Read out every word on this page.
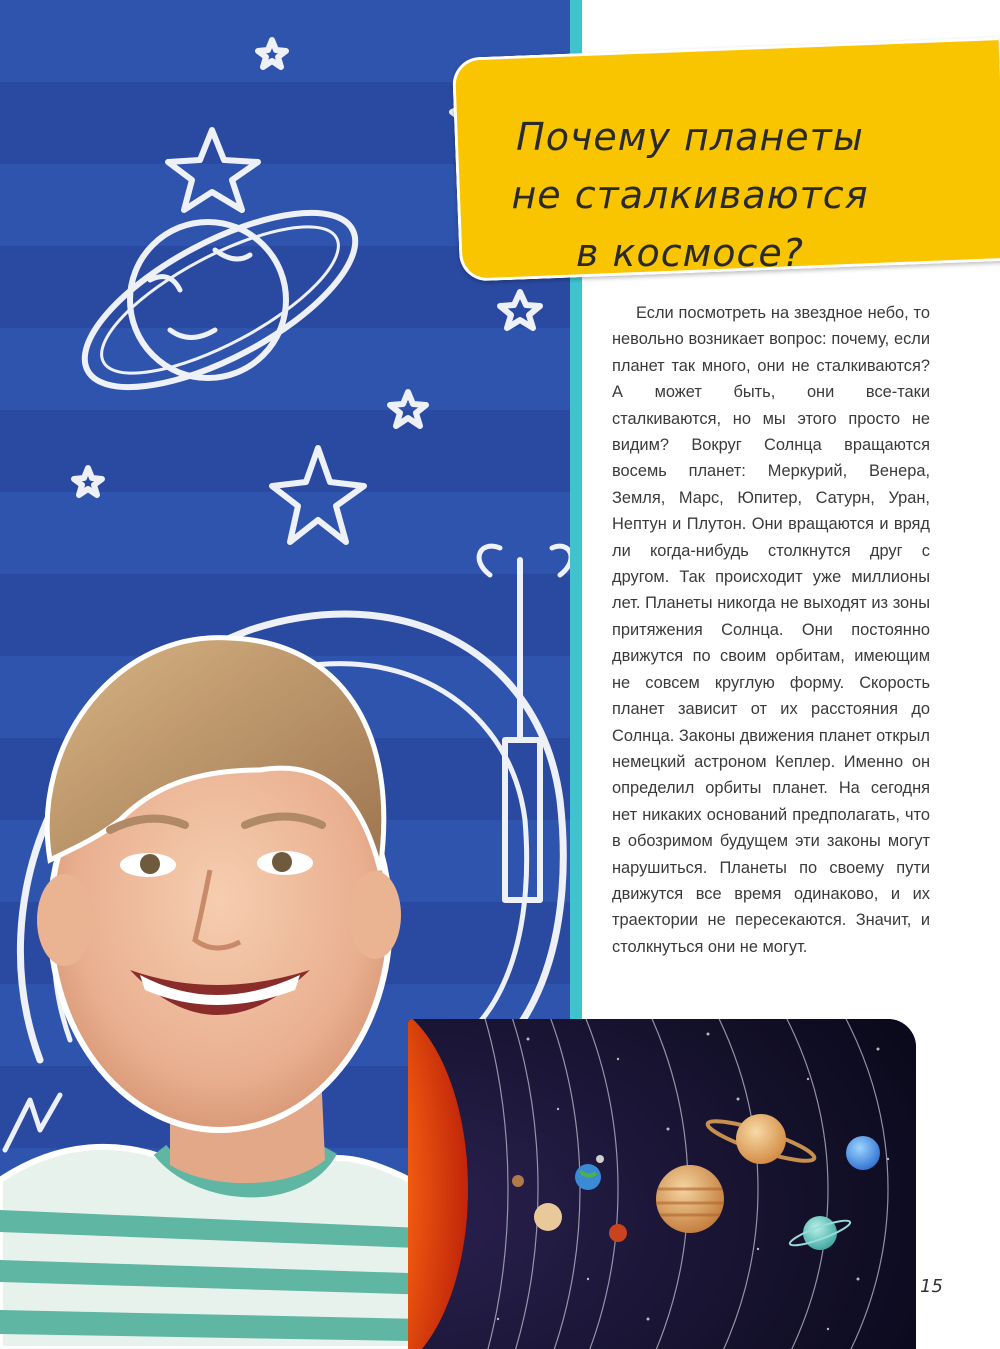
Почему планеты
не сталкиваются
в космосе?

Если посмотреть на звездное небо, то невольно возникает вопрос: почему, если планет так много, они не сталкиваются? А может быть, они все-таки сталкиваются, но мы этого просто не видим? Вокруг Солнца вращаются восемь планет: Меркурий, Венера, Земля, Марс, Юпитер, Сатурн, Уран, Нептун и Плутон. Они вращаются и вряд ли когда-нибудь столкнутся друг с другом. Так происходит уже миллионы лет. Планеты никогда не выходят из зоны притяжения Солнца. Они постоянно движутся по своим орбитам, имеющим не совсем круглую форму. Скорость планет зависит от их расстояния до Солнца. Законы движения планет открыл немецкий астроном Кеплер. Именно он определил орбиты планет. На сегодня нет никаких оснований предполагать, что в обозримом будущем эти законы могут нарушиться. Планеты по своему пути движутся все время одинаково, и их траектории не пересекаются. Значит, и столкнуться они не могут.

15
